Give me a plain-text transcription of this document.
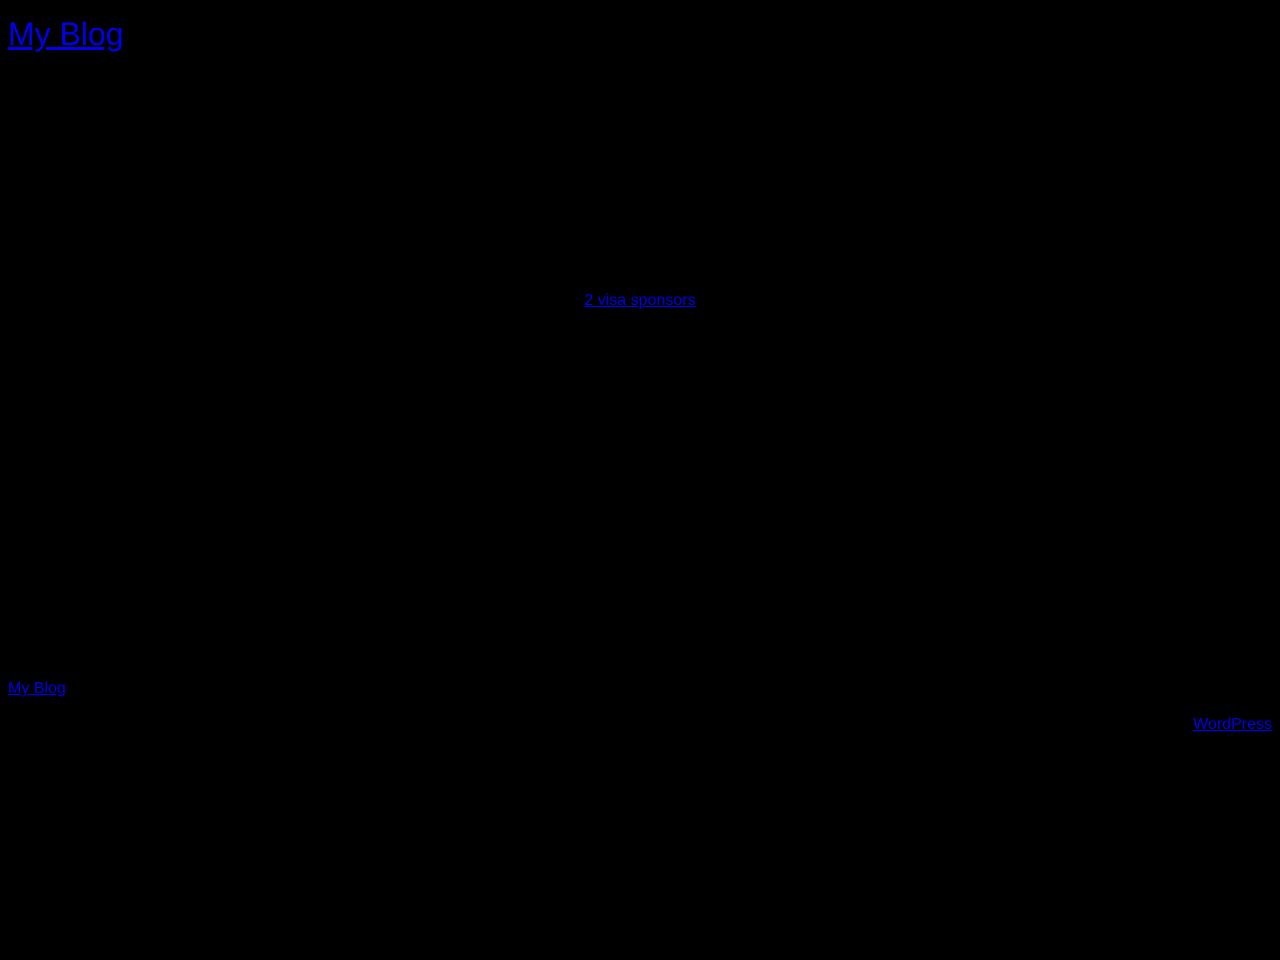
My Blog
2 visa sponsors
My Blog
WordPress
